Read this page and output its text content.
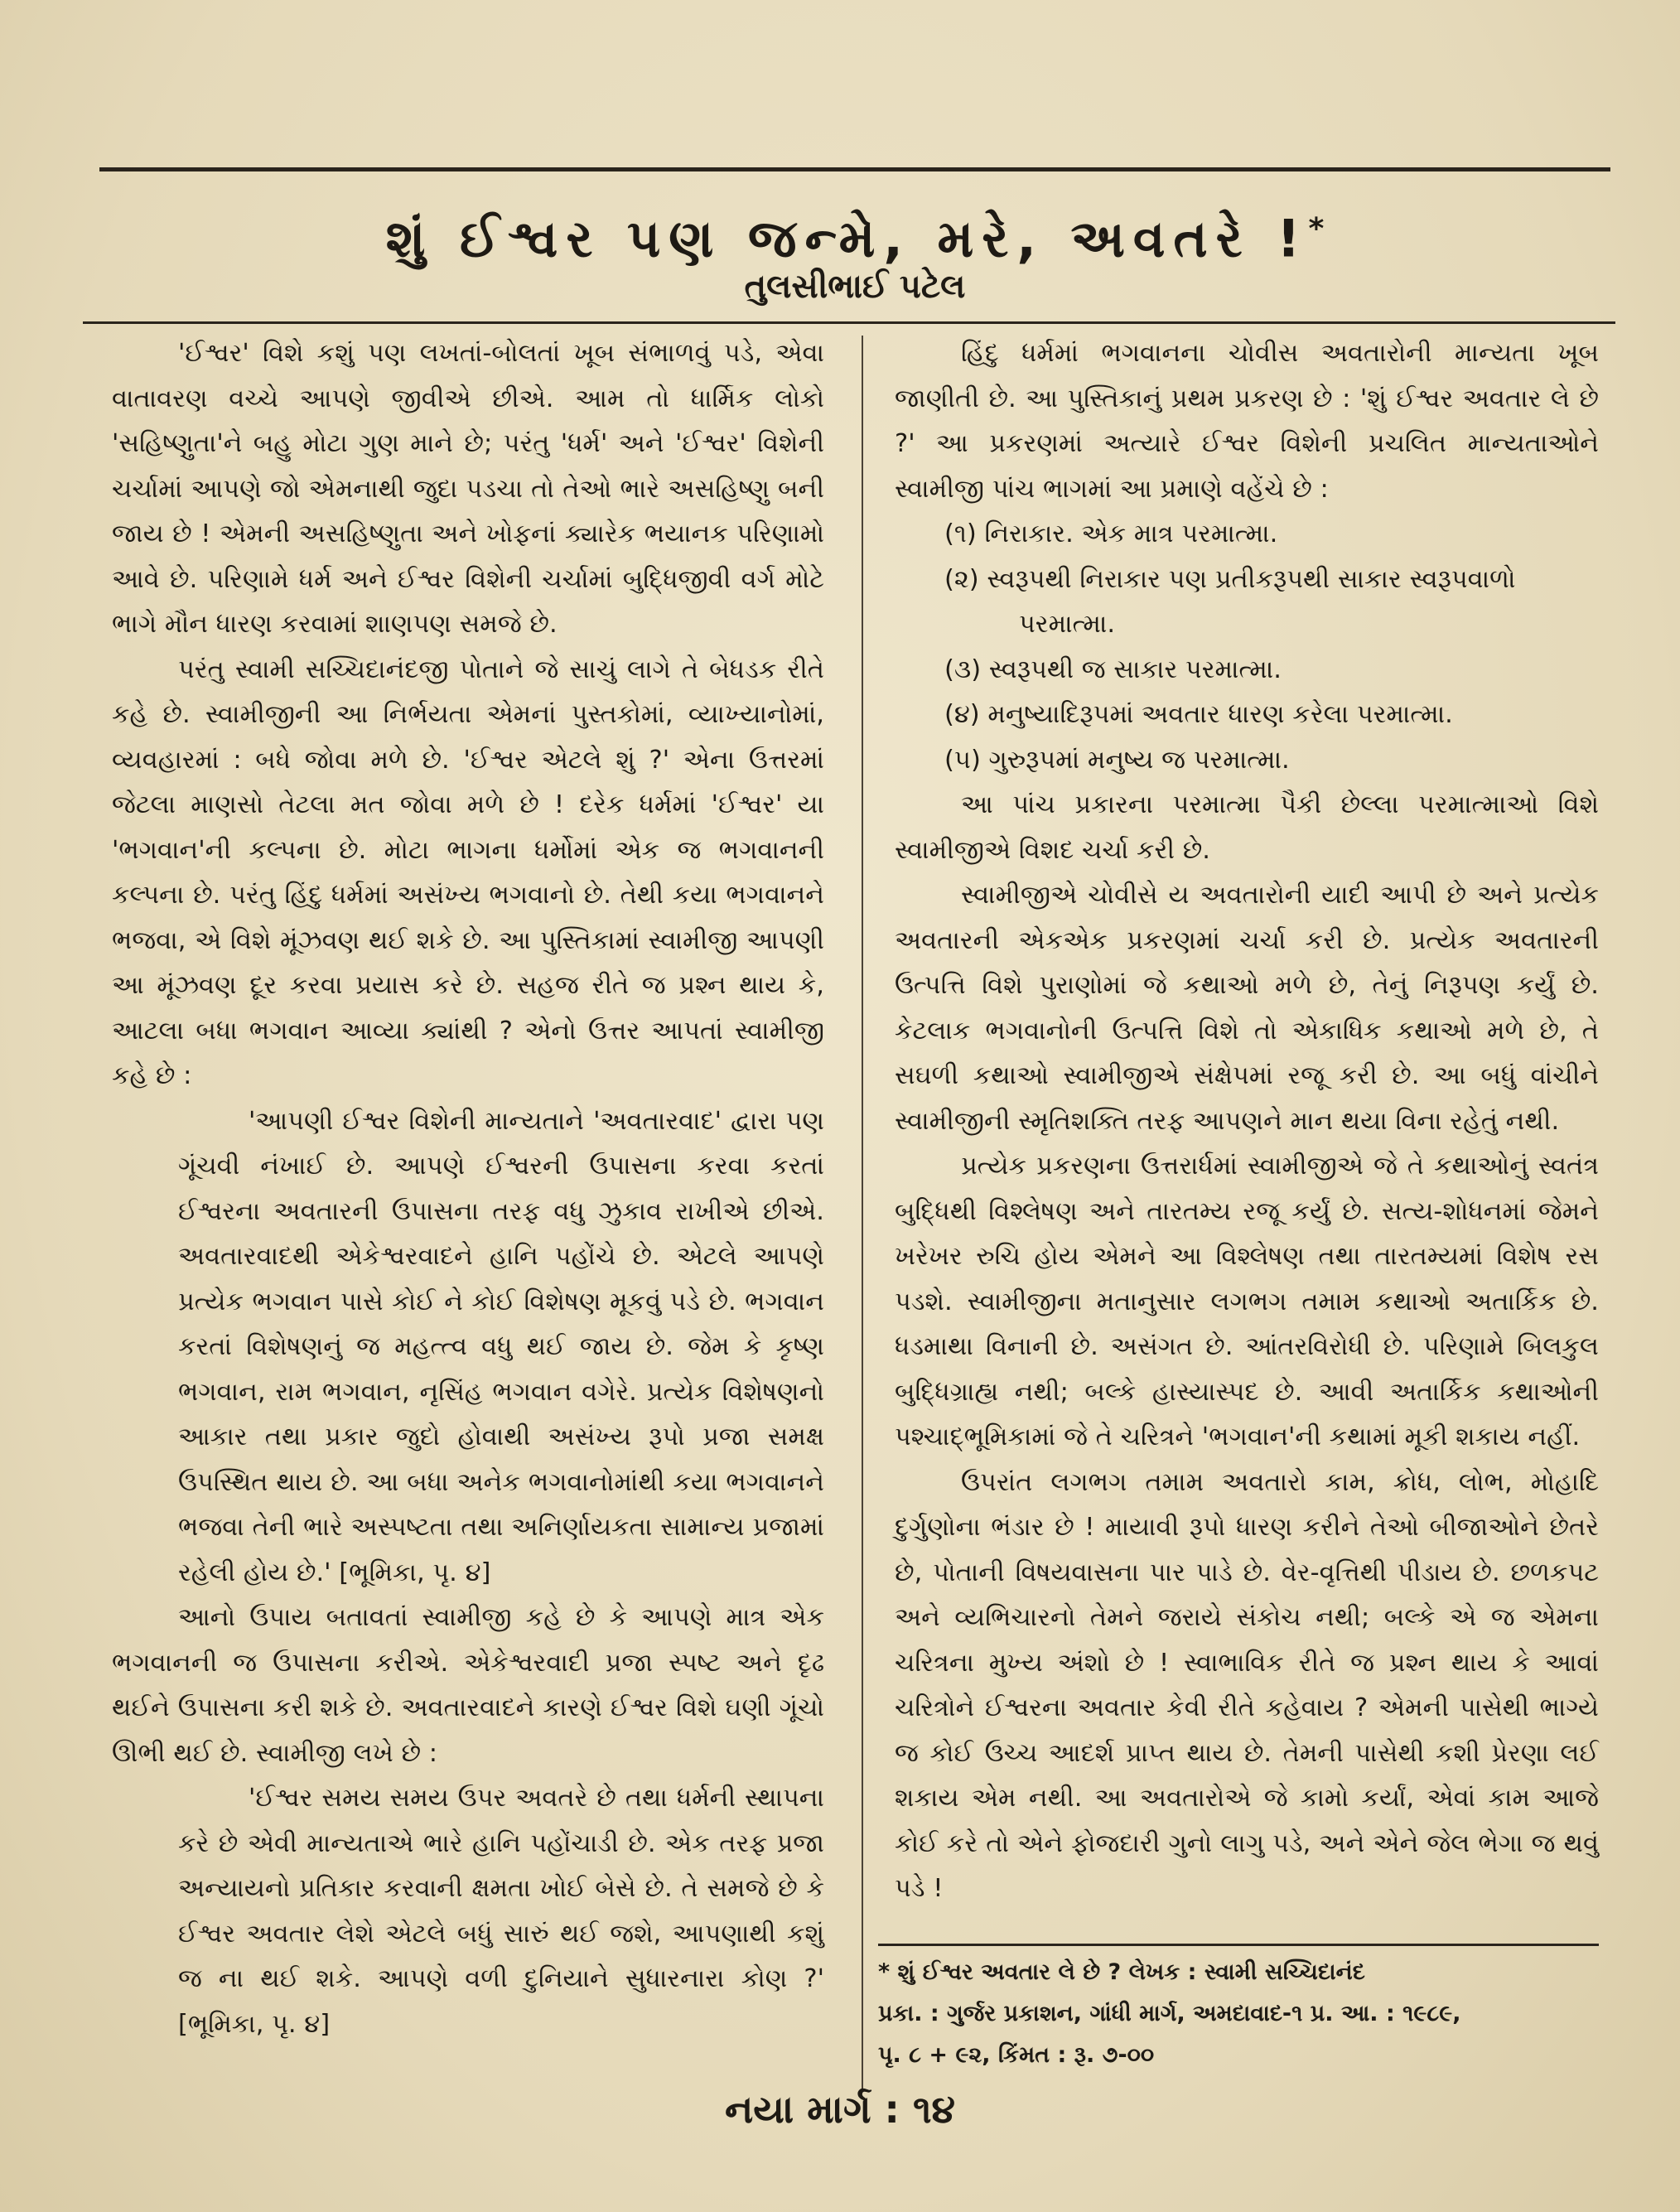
શું ઈશ્વર પણ જન્મે, મરે, અવતરે !*
તુલસીભાઈ પટેલ

'ઈશ્વર' વિશે કશું પણ લખતાં-બોલતાં ખૂબ સંભાળવું પડે, એવા વાતાવરણ વચ્ચે આપણે જીવીએ છીએ. આમ તો ધાર્મિક લોકો 'સહિષ્ણુતા'ને બહુ મોટા ગુણ માને છે; પરંતુ 'ધર્મ' અને 'ઈશ્વર' વિશેની ચર્ચામાં આપણે જો એમનાથી જુદા પડચા તો તેઓ ભારે અસહિષ્ણુ બની જાય છે ! એમની અસહિષ્ણુતા અને ખોફનાં ક્યારેક ભયાનક પરિણામો આવે છે. પરિણામે ધર્મ અને ઈશ્વર વિશેની ચર્ચામાં બુદ્ધિજીવી વર્ગ મોટે ભાગે મૌન ધારણ કરવામાં શાણપણ સમજે છે.

પરંતુ સ્વામી સચ્ચિદાનંદજી પોતાને જે સાચું લાગે તે બેધડક રીતે કહે છે. સ્વામીજીની આ નિર્ભયતા એમનાં પુસ્તકોમાં, વ્યાખ્યાનોમાં, વ્યવહારમાં : બધે જોવા મળે છે. 'ઈશ્વર એટલે શું ?' એના ઉત્તરમાં જેટલા માણસો તેટલા મત જોવા મળે છે ! દરેક ધર્મમાં 'ઈશ્વર' યા 'ભગવાન'ની કલ્પના છે. મોટા ભાગના ધર્મોમાં એક જ ભગવાનની કલ્પના છે. પરંતુ હિંદુ ધર્મમાં અસંખ્ય ભગવાનો છે. તેથી કયા ભગવાનને ભજવા, એ વિશે મૂંઝવણ થઈ શકે છે. આ પુસ્તિકામાં સ્વામીજી આપણી આ મૂંઝવણ દૂર કરવા પ્રયાસ કરે છે. સહજ રીતે જ પ્રશ્ન થાય કે, આટલા બધા ભગવાન આવ્યા ક્યાંથી ? એનો ઉત્તર આપતાં સ્વામીજી કહે છે :

'આપણી ઈશ્વર વિશેની માન્યતાને 'અવતારવાદ' દ્વારા પણ ગૂંચવી નંખાઈ છે. આપણે ઈશ્વરની ઉપાસના કરવા કરતાં ઈશ્વરના અવતારની ઉપાસના તરફ વધુ ઝુકાવ રાખીએ છીએ. અવતારવાદથી એકેશ્વરવાદને હાનિ પહોંચે છે. એટલે આપણે પ્રત્યેક ભગવાન પાસે કોઈ ને કોઈ વિશેષણ મૂકવું પડે છે. ભગવાન કરતાં વિશેષણનું જ મહત્ત્વ વધુ થઈ જાય છે. જેમ કે કૃષ્ણ ભગવાન, રામ ભગવાન, નૃસિંહ ભગવાન વગેરે. પ્રત્યેક વિશેષણનો આકાર તથા પ્રકાર જુદો હોવાથી અસંખ્ય રૂપો પ્રજા સમક્ષ ઉપસ્થિત થાય છે. આ બધા અનેક ભગવાનોમાંથી કયા ભગવાનને ભજવા તેની ભારે અસ્પષ્ટતા તથા અનિર્ણાયકતા સામાન્ય પ્રજામાં રહેલી હોય છે.' [ભૂમિકા, પૃ. ૪]

આનો ઉપાય બતાવતાં સ્વામીજી કહે છે કે આપણે માત્ર એક ભગવાનની જ ઉપાસના કરીએ. એકેશ્વરવાદી પ્રજા સ્પષ્ટ અને દૃઢ થઈને ઉપાસના કરી શકે છે. અવતારવાદને કારણે ઈશ્વર વિશે ઘણી ગૂંચો ઊભી થઈ છે. સ્વામીજી લખે છે :

'ઈશ્વર સમય સમય ઉપર અવતરે છે તથા ધર્મની સ્થાપના કરે છે એવી માન્યતાએ ભારે હાનિ પહોંચાડી છે. એક તરફ પ્રજા અન્યાયનો પ્રતિકાર કરવાની ક્ષમતા ખોઈ બેસે છે. તે સમજે છે કે ઈશ્વર અવતાર લેશે એટલે બધું સારું થઈ જશે, આપણાથી કશું જ ના થઈ શકે. આપણે વળી દુનિયાને સુધારનારા કોણ ?' [ભૂમિકા, પૃ. ૪]

હિંદુ ધર્મમાં ભગવાનના ચોવીસ અવતારોની માન્યતા ખૂબ જાણીતી છે. આ પુસ્તિકાનું પ્રથમ પ્રકરણ છે : 'શું ઈશ્વર અવતાર લે છે ?' આ પ્રકરણમાં અત્યારે ઈશ્વર વિશેની પ્રચલિત માન્યતાઓને સ્વામીજી પાંચ ભાગમાં આ પ્રમાણે વહેંચે છે :

(૧) નિરાકાર. એક માત્ર પરમાત્મા.
(૨) સ્વરૂપથી નિરાકાર પણ પ્રતીકરૂપથી સાકાર સ્વરૂપવાળો પરમાત્મા.
(૩) સ્વરૂપથી જ સાકાર પરમાત્મા.
(૪) મનુષ્યાદિરૂપમાં અવતાર ધારણ કરેલા પરમાત્મા.
(૫) ગુરુરૂપમાં મનુષ્ય જ પરમાત્મા.

આ પાંચ પ્રકારના પરમાત્મા પૈકી છેલ્લા પરમાત્માઓ વિશે સ્વામીજીએ વિશદ ચર્ચા કરી છે.

સ્વામીજીએ ચોવીસે ય અવતારોની યાદી આપી છે અને પ્રત્યેક અવતારની એકએક પ્રકરણમાં ચર્ચા કરી છે. પ્રત્યેક અવતારની ઉત્પત્તિ વિશે પુરાણોમાં જે કથાઓ મળે છે, તેનું નિરૂપણ કર્યું છે. કેટલાક ભગવાનોની ઉત્પત્તિ વિશે તો એકાધિક કથાઓ મળે છે, તે સઘળી કથાઓ સ્વામીજીએ સંક્ષેપમાં રજૂ કરી છે. આ બધું વાંચીને સ્વામીજીની સ્મૃતિશક્તિ તરફ આપણને માન થયા વિના રહેતું નથી.

પ્રત્યેક પ્રકરણના ઉત્તરાર્ધમાં સ્વામીજીએ જે તે કથાઓનું સ્વતંત્ર બુદ્ધિથી વિશ્લેષણ અને તારતમ્ય રજૂ કર્યું છે. સત્ય-શોધનમાં જેમને ખરેખર રુચિ હોય એમને આ વિશ્લેષણ તથા તારતમ્યમાં વિશેષ રસ પડશે. સ્વામીજીના મતાનુસાર લગભગ તમામ કથાઓ અતાર્કિક છે. ધડમાથા વિનાની છે. અસંગત છે. આંતરવિરોધી છે. પરિણામે બિલકુલ બુદ્ધિગ્રાહ્ય નથી; બલ્કે હાસ્યાસ્પદ છે. આવી અતાર્કિક કથાઓની પશ્ચાદ્ભૂમિકામાં જે તે ચરિત્રને 'ભગવાન'ની કથામાં મૂકી શકાય નહીં.

ઉપરાંત લગભગ તમામ અવતારો કામ, ક્રોધ, લોભ, મોહાદિ દુર્ગુણોના ભંડાર છે ! માયાવી રૂપો ધારણ કરીને તેઓ બીજાઓને છેતરે છે, પોતાની વિષયવાસના પાર પાડે છે. વેર-વૃત્તિથી પીડાય છે. છળકપટ અને વ્યભિચારનો તેમને જરાયે સંકોચ નથી; બલ્કે એ જ એમના ચરિત્રના મુખ્ય અંશો છે ! સ્વાભાવિક રીતે જ પ્રશ્ન થાય કે આવાં ચરિત્રોને ઈશ્વરના અવતાર કેવી રીતે કહેવાય ? એમની પાસેથી ભાગ્યે જ કોઈ ઉચ્ચ આદર્શ પ્રાપ્ત થાય છે. તેમની પાસેથી કશી પ્રેરણા લઈ શકાય એમ નથી. આ અવતારોએ જે કામો કર્યાં, એવાં કામ આજે કોઈ કરે તો એને ફોજદારી ગુનો લાગુ પડે, અને એને જેલ ભેગા જ થવું પડે !

* શું ઈશ્વર અવતાર લે છે ? લેખક : સ્વામી સચ્ચિદાનંદ

પ્રકા. : ગુર્જર પ્રકાશન, ગાંધી માર્ગ, અમદાવાદ-૧ પ્ર. આ. : ૧૯૮૯,

પૃ. ૮ + ૯૨, કિંમત : રૂ. ૭-૦૦

નયા માર્ગ : ૧૪
